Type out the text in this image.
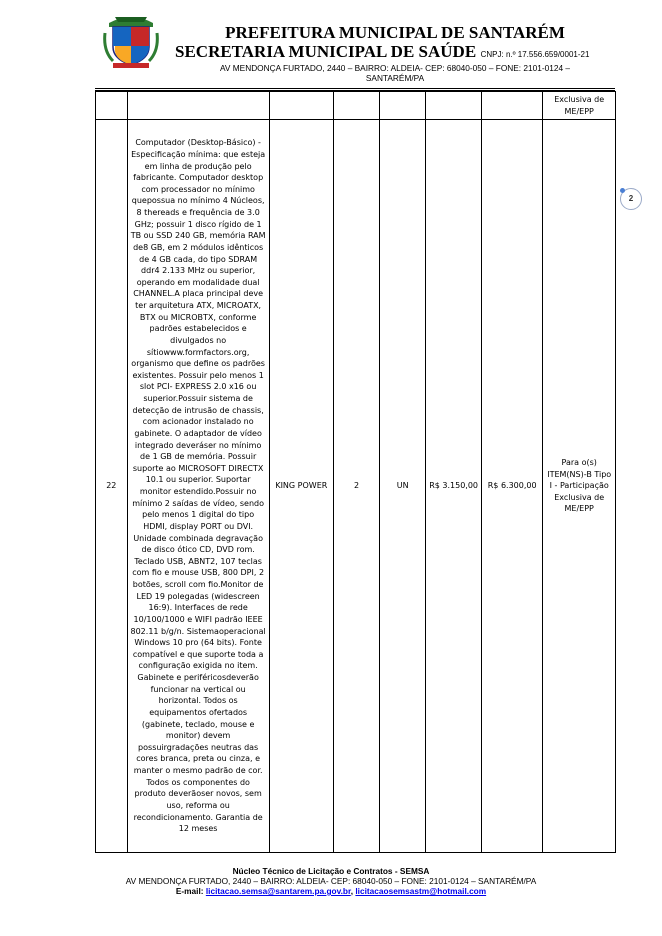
PREFEITURA MUNICIPAL DE SANTARÉM
SECRETARIA MUNICIPAL DE SAÚDE CNPJ: n.º 17.556.659/0001-21
AV MENDONÇA FURTADO, 2440 – BAIRRO: ALDEIA- CEP: 68040-050 – FONE: 2101-0124 –
SANTARÉM/PA
							Exclusiva de ME/EPP
22	Computador (Desktop-Básico) - Especificação mínima: que esteja em linha de produção pelo fabricante. Computador desktop com processador no mínimo quepossua no mínimo 4 Núcleos, 8 thereads e frequência de 3.0 GHz; possuir 1 disco rígido de 1 TB ou SSD 240 GB, memória RAM de8 GB, em 2 módulos idênticos de 4 GB cada, do tipo SDRAM ddr4 2.133 MHz ou superior, operando em modalidade dual CHANNEL.A placa principal deve ter arquitetura ATX, MICROATX, BTX ou MICROBTX, conforme padrões estabelecidos e divulgados no sítiowww.formfactors.org, organismo que define os padrões existentes. Possuir pelo menos 1 slot PCI- EXPRESS 2.0 x16 ou superior.Possuir sistema de detecção de intrusão de chassis, com acionador instalado no gabinete. O adaptador de vídeo integrado deveráser no mínimo de 1 GB de memória. Possuir suporte ao MICROSOFT DIRECTX 10.1 ou superior. Suportar monitor estendido.Possuir no mínimo 2 saídas de vídeo, sendo pelo menos 1 digital do tipo HDMI, display PORT ou DVI. Unidade combinada degravação de disco ótico CD, DVD rom. Teclado USB, ABNT2, 107 teclas com fio e mouse USB, 800 DPI, 2 botões, scroll com fio.Monitor de LED 19 polegadas (widescreen 16:9). Interfaces de rede 10/100/1000 e WIFI padrão IEEE 802.11 b/g/n. Sistemaoperacional Windows 10 pro (64 bits). Fonte compatível e que suporte toda a configuração exigida no item. Gabinete e periféricosdeverão funcionar na vertical ou horizontal. Todos os equipamentos ofertados (gabinete, teclado, mouse e monitor) devem possuirgradações neutras das cores branca, preta ou cinza, e manter o mesmo padrão de cor. Todos os componentes do produto deverãoser novos, sem uso, reforma ou recondicionamento. Garantia de 12 meses	KING POWER	2	UN	R$ 3.150,00	R$ 6.300,00	Para o(s) ITEM(NS)-B Tipo I - Participação Exclusiva de ME/EPP
2
Núcleo Técnico de Licitação e Contratos - SEMSA
AV MENDONÇA FURTADO, 2440 – BAIRRO: ALDEIA- CEP: 68040-050 – FONE: 2101-0124 – SANTARÉM/PA
E-mail: licitacao.semsa@santarem.pa.gov.br, licitacaosemsastm@hotmail.com
